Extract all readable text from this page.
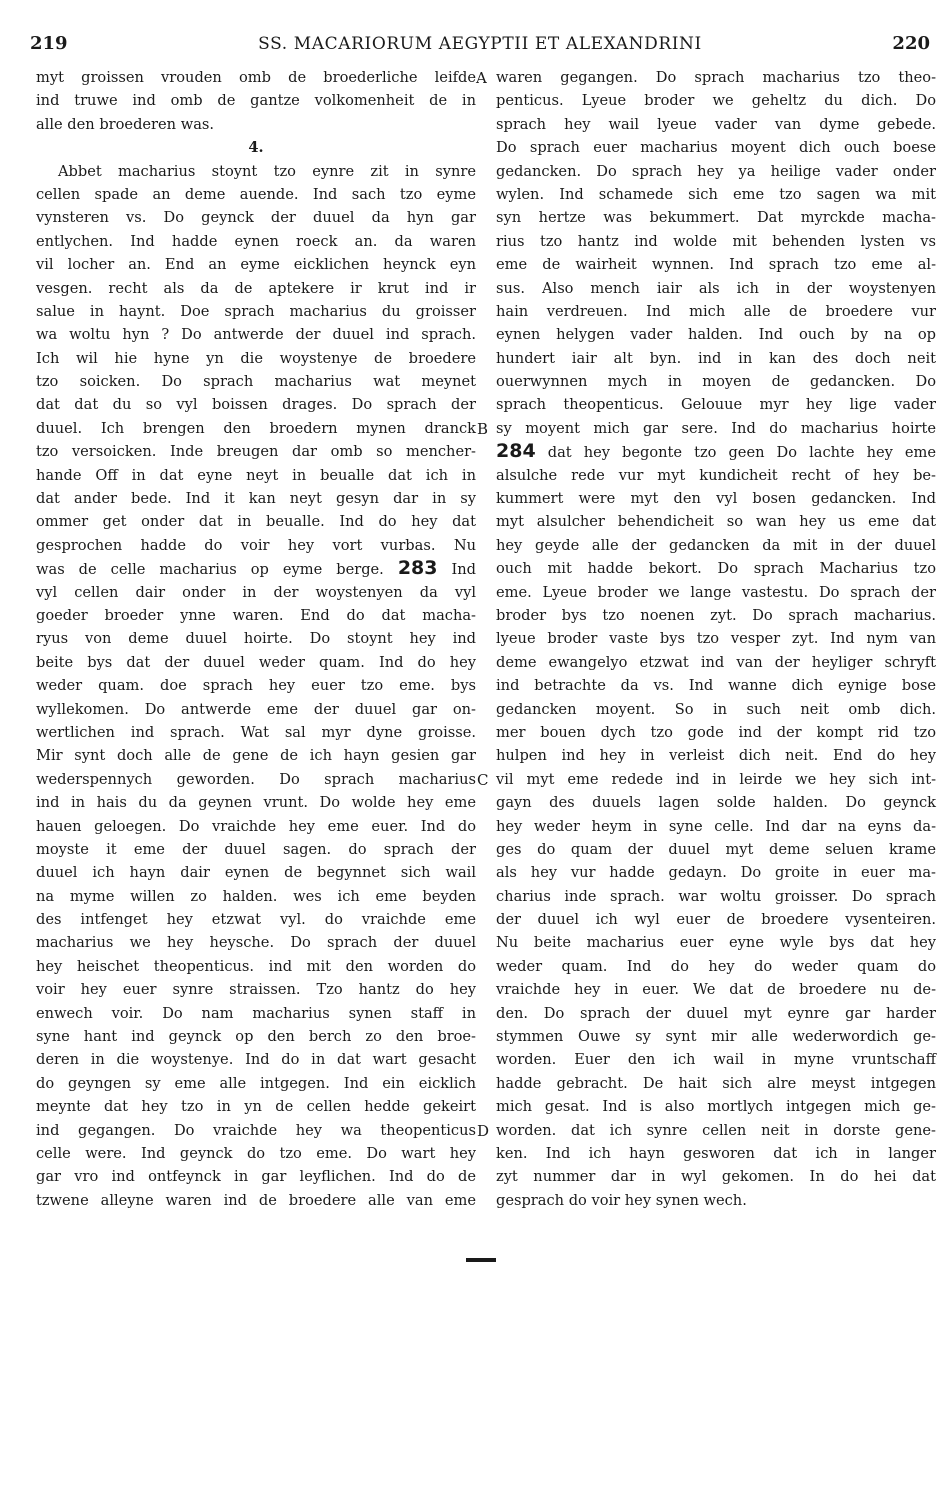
219	SS. MACARIORUM AEGYPTII ET ALEXANDRINI	220
myt groissen vrouden omb de broederliche leifde
ind truwe ind omb de gantze volkomenheit de in
alle den broederen was.
4.
Abbet macharius stoynt tzo eynre zit in synre
cellen spade an deme auende. Ind sach tzo eyme
vynsteren vs. Do geynck der duuel da hyn gar
entlychen. Ind hadde eynen roeck an. da waren
vil locher an. End an eyme eicklichen heynck eyn
vesgen. recht als da de aptekere ir krut ind ir
salue in haynt. Doe sprach macharius du groisser
wa woltu hyn ? Do antwerde der duuel ind sprach.
Ich wil hie hyne yn die woystenye de broedere
tzo soicken. Do sprach macharius wat meynet
dat dat du so vyl boissen drages. Do sprach der
duuel. Ich brengen den broedern mynen dranck
tzo versoicken. Inde breugen dar omb so mencher-
hande Off in dat eyne neyt in beualle dat ich in
dat ander bede. Ind it kan neyt gesyn dar in sy
ommer get onder dat in beualle. Ind do hey dat
gesprochen hadde do voir hey vort vurbas. Nu
was de celle macharius op eyme berge. 283 Ind
vyl cellen dair onder in der woystenyen da vyl
goeder broeder ynne waren. End do dat macha-
ryus von deme duuel hoirte. Do stoynt hey ind
beite bys dat der duuel weder quam. Ind do hey
weder quam. doe sprach hey euer tzo eme. bys
wyllekomen. Do antwerde eme der duuel gar on-
wertlichen ind sprach. Wat sal myr dyne groisse.
Mir synt doch alle de gene de ich hayn gesien gar
wederspennych geworden. Do sprach macharius
ind in hais du da geynen vrunt. Do wolde hey eme
hauen geloegen. Do vraichde hey eme euer. Ind do
moyste it eme der duuel sagen. do sprach der
duuel ich hayn dair eynen de begynnet sich wail
na myme willen zo halden. wes ich eme beyden
des intfenget hey etzwat vyl. do vraichde eme
macharius we hey heysche. Do sprach der duuel
hey heischet theopenticus. ind mit den worden do
voir hey euer synre straissen. Tzo hantz do hey
enwech voir. Do nam macharius synen staff in
syne hant ind geynck op den berch zo den broe-
deren in die woystenye. Ind do in dat wart gesacht
do geyngen sy eme alle intgegen. Ind ein eicklich
meynte dat hey tzo in yn de cellen hedde gekeirt
ind gegangen. Do vraichde hey wa theopenticus
celle were. Ind geynck do tzo eme. Do wart hey
gar vro ind ontfeynck in gar leyflichen. Ind do de
tzwene alleyne waren ind de broedere alle van eme
waren gegangen. Do sprach macharius tzo theo-
penticus. Lyeue broder we geheltz du dich. Do
sprach hey wail lyeue vader van dyme gebede.
Do sprach euer macharius moyent dich ouch boese
gedancken. Do sprach hey ya heilige vader onder
wylen. Ind schamede sich eme tzo sagen wa mit
syn hertze was bekummert. Dat myrckde macha-
rius tzo hantz ind wolde mit behenden lysten vs
eme de wairheit wynnen. Ind sprach tzo eme al-
sus. Also mench iair als ich in der woystenyen
hain verdreuen. Ind mich alle de broedere vur
eynen helygen vader halden. Ind ouch by na op
hundert iair alt byn. ind in kan des doch neit
ouerwynnen mych in moyen de gedancken. Do
sprach theopenticus. Gelouue myr hey lige vader
sy moyent mich gar sere. Ind do macharius hoirte
284 dat hey begonte tzo geen Do lachte hey eme
alsulche rede vur myt kundicheit recht of hey be-
kummert were myt den vyl bosen gedancken. Ind
myt alsulcher behendicheit so wan hey us eme dat
hey geyde alle der gedancken da mit in der duuel
ouch mit hadde bekort. Do sprach Macharius tzo
eme. Lyeue broder we lange vastestu. Do sprach der
broder bys tzo noenen zyt. Do sprach macharius.
lyeue broder vaste bys tzo vesper zyt. Ind nym van
deme ewangelyo etzwat ind van der heyliger schryft
ind betrachte da vs. Ind wanne dich eynige bose
gedancken moyent. So in such neit omb dich.
mer bouen dych tzo gode ind der kompt rid tzo
hulpen ind hey in verleist dich neit. End do hey
vil myt eme redede ind in leirde we hey sich int-
gayn des duuels lagen solde halden. Do geynck
hey weder heym in syne celle. Ind dar na eyns da-
ges do quam der duuel myt deme seluen krame
als hey vur hadde gedayn. Do groite in euer ma-
charius inde sprach. war woltu groisser. Do sprach
der duuel ich wyl euer de broedere vysenteiren.
Nu beite macharius euer eyne wyle bys dat hey
weder quam. Ind do hey do weder quam do
vraichde hey in euer. We dat de broedere nu de-
den. Do sprach der duuel myt eynre gar harder
stymmen Ouwe sy synt mir alle wederwordich ge-
worden. Euer den ich wail in myne vruntschaff
hadde gebracht. De hait sich alre meyst intgegen
mich gesat. Ind is also mortlych intgegen mich ge-
worden. dat ich synre cellen neit in dorste gene-
ken. Ind ich hayn gesworen dat ich in langer
zyt nummer dar in wyl gekomen. In do hei dat
gesprach do voir hey synen wech.
A
B
C
D
